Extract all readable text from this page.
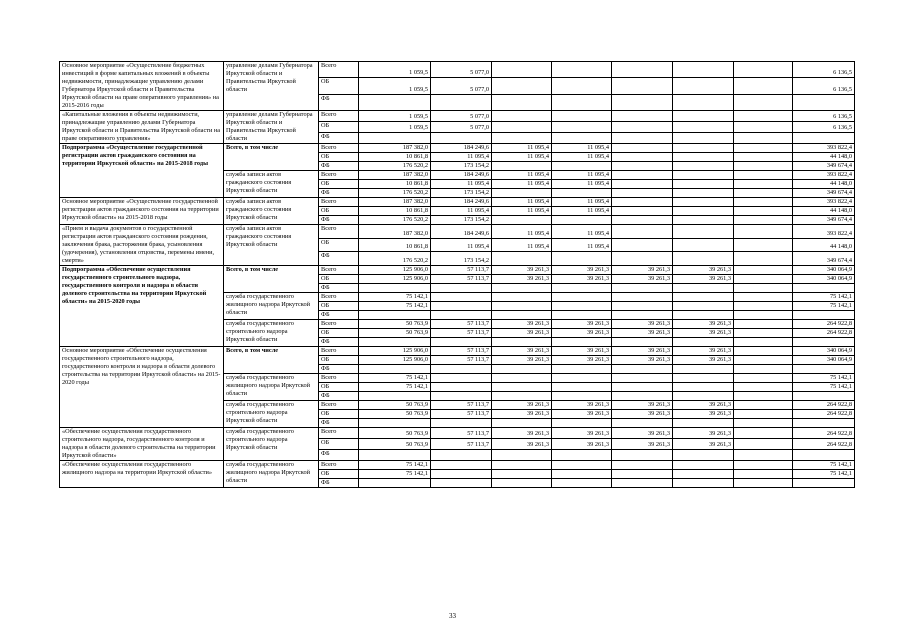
Основное мероприятие «Осуществление бюджетных инвестиций в форме капитальных вложений в объекты недвижимости, принадлежащие управлению делами Губернатора Иркутской области и Правительства Иркутской области на праве оперативного управления» на 2015-2016 годы	управление делами Губернатора Иркутской области и Правительства Иркутской области	Всего	1 059,5	5 077,0						6 136,5
		ОБ	1 059,5	5 077,0						6 136,5
		ФБ								
«Капитальные вложения в объекты недвижимости, принадлежащие управлению делами Губернатора Иркутской области и Правительства Иркутской области на праве оперативного управления»	управление делами Губернатора Иркутской области и Правительства Иркутской области	Всего	1 059,5	5 077,0						6 136,5
		ОБ	1 059,5	5 077,0						6 136,5
		ФБ								
Подпрограмма «Осуществление государственной регистрации актов гражданского состояния на территории Иркутской области» на 2015-2018 годы	Всего, в том числе	Всего	187 382,0	184 249,6	11 095,4	11 095,4				393 822,4
		ОБ	10 861,8	11 095,4	11 095,4	11 095,4				44 148,0
		ФБ	176 520,2	173 154,2						349 674,4
	служба записи актов гражданского состояния Иркутской области	Всего	187 382,0	184 249,6	11 095,4	11 095,4				393 822,4
		ОБ	10 861,8	11 095,4	11 095,4	11 095,4				44 148,0
		ФБ	176 520,2	173 154,2						349 674,4
Основное мероприятие «Осуществление государственной регистрации актов гражданского состояния на территории Иркутской области» на 2015-2018 годы	служба записи актов гражданского состояния Иркутской области	Всего	187 382,0	184 249,6	11 095,4	11 095,4				393 822,4
		ОБ	10 861,8	11 095,4	11 095,4	11 095,4				44 148,0
		ФБ	176 520,2	173 154,2						349 674,4
«Прием и выдача документов о государственной регистрации актов гражданского состояния рождения, заключения брака, расторжения брака, усыновления (удочерения), установления отцовства, перемены имени, смерти»	служба записи актов гражданского состояния Иркутской области	Всего	187 382,0	184 249,6	11 095,4	11 095,4				393 822,4
		ОБ	10 861,8	11 095,4	11 095,4	11 095,4				44 148,0
		ФБ	176 520,2	173 154,2						349 674,4
Подпрограмма «Обеспечение осуществления государственного строительного надзора, государственного контроля и надзора в области долевого строительства на территории Иркутской области» на 2015-2020 годы	Всего, в том числе	Всего	125 906,0	57 113,7	39 261,3	39 261,3	39 261,3	39 261,3		340 064,9
		ОБ	125 906,0	57 113,7	39 261,3	39 261,3	39 261,3	39 261,3		340 064,9
		ФБ								
	служба государственного жилищного надзора Иркутской области	Всего	75 142,1							75 142,1
		ОБ	75 142,1							75 142,1
		ФБ								
	служба государственного строительного надзора Иркутской области	Всего	50 763,9	57 113,7	39 261,3	39 261,3	39 261,3	39 261,3		264 922,8
		ОБ	50 763,9	57 113,7	39 261,3	39 261,3	39 261,3	39 261,3		264 922,8
		ФБ								
Основное мероприятие «Обеспечение осуществления государственного строительного надзора, государственного контроля и надзора в области долевого строительства на территории Иркутской области» на 2015-2020 годы	Всего, в том числе	Всего	125 906,0	57 113,7	39 261,3	39 261,3	39 261,3	39 261,3		340 064,9
		ОБ	125 906,0	57 113,7	39 261,3	39 261,3	39 261,3	39 261,3		340 064,9
		ФБ								
	служба государственного жилищного надзора Иркутской области	Всего	75 142,1							75 142,1
		ОБ	75 142,1							75 142,1
		ФБ								
	служба государственного строительного надзора Иркутской области	Всего	50 763,9	57 113,7	39 261,3	39 261,3	39 261,3	39 261,3		264 922,8
		ОБ	50 763,9	57 113,7	39 261,3	39 261,3	39 261,3	39 261,3		264 922,8
		ФБ								
«Обеспечение осуществления государственного строительного надзора, государственного контроля и надзора в области долевого строительства на территории Иркутской области»	служба государственного строительного надзора Иркутской области	Всего	50 763,9	57 113,7	39 261,3	39 261,3	39 261,3	39 261,3		264 922,8
		ОБ	50 763,9	57 113,7	39 261,3	39 261,3	39 261,3	39 261,3		264 922,8
		ФБ								
«Обеспечение осуществления государственного жилищного надзора на территории Иркутской области»	служба государственного жилищного надзора Иркутской области	Всего	75 142,1							75 142,1
		ОБ	75 142,1							75 142,1
		ФБ								
33
